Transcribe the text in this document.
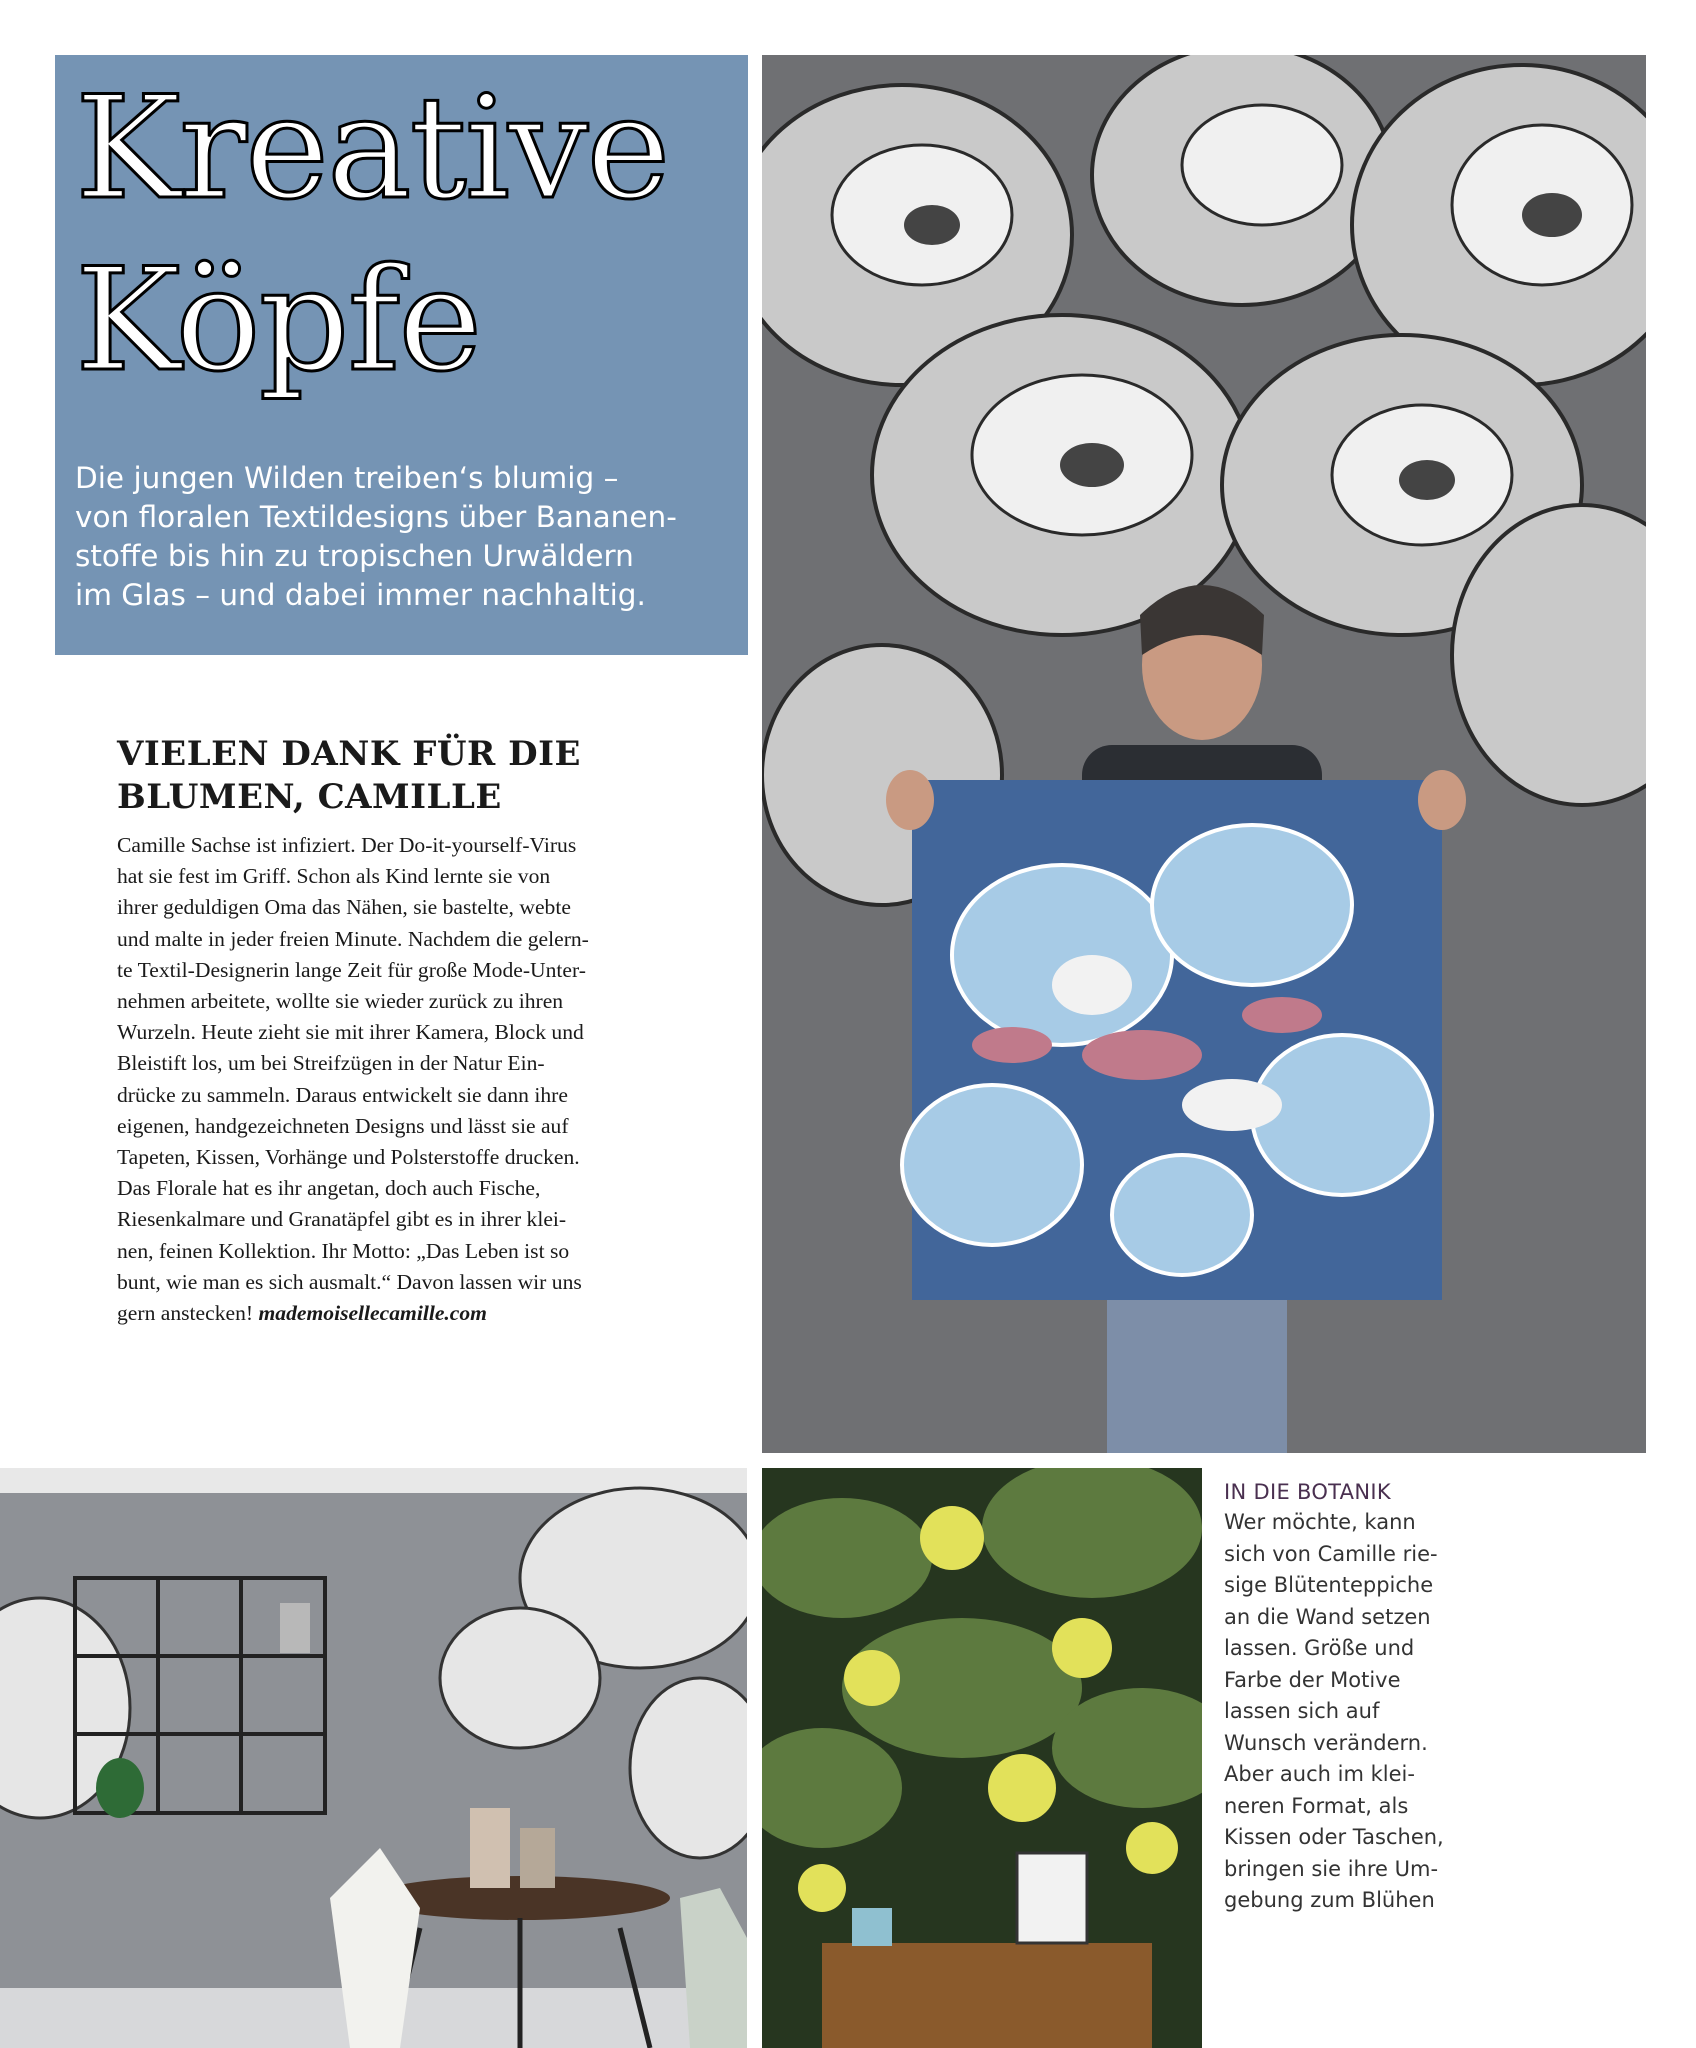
Kreative
Köpfe

Die jungen Wilden treiben‘s blumig –
von floralen Textildesigns über Bananen-
stoffe bis hin zu tropischen Urwäldern
im Glas – und dabei immer nachhaltig.

VIELEN DANK FÜR DIE
BLUMEN, CAMILLE

Camille Sachse ist infiziert. Der Do-it-yourself-Virus
hat sie fest im Griff. Schon als Kind lernte sie von
ihrer geduldigen Oma das Nähen, sie bastelte, webte
und malte in jeder freien Minute. Nachdem die gelern-
te Textil-Designerin lange Zeit für große Mode-Unter-
nehmen arbeitete, wollte sie wieder zurück zu ihren
Wurzeln. Heute zieht sie mit ihrer Kamera, Block und
Bleistift los, um bei Streifzügen in der Natur Ein-
drücke zu sammeln. Daraus entwickelt sie dann ihre
eigenen, handgezeichneten Designs und lässt sie auf
Tapeten, Kissen, Vorhänge und Polsterstoffe drucken.
Das Florale hat es ihr angetan, doch auch Fische,
Riesenkalmare und Granatäpfel gibt es in ihrer klei-
nen, feinen Kollektion. Ihr Motto: „Das Leben ist so
bunt, wie man es sich ausmalt.“ Davon lassen wir uns
gern anstecken! mademoisellecamille.com

IN DIE BOTANIK

Wer möchte, kann
sich von Camille rie-
sige Blütenteppiche
an die Wand setzen
lassen. Größe und
Farbe der Motive
lassen sich auf
Wunsch verändern.
Aber auch im klei-
neren Format, als
Kissen oder Taschen,
bringen sie ihre Um-
gebung zum Blühen
